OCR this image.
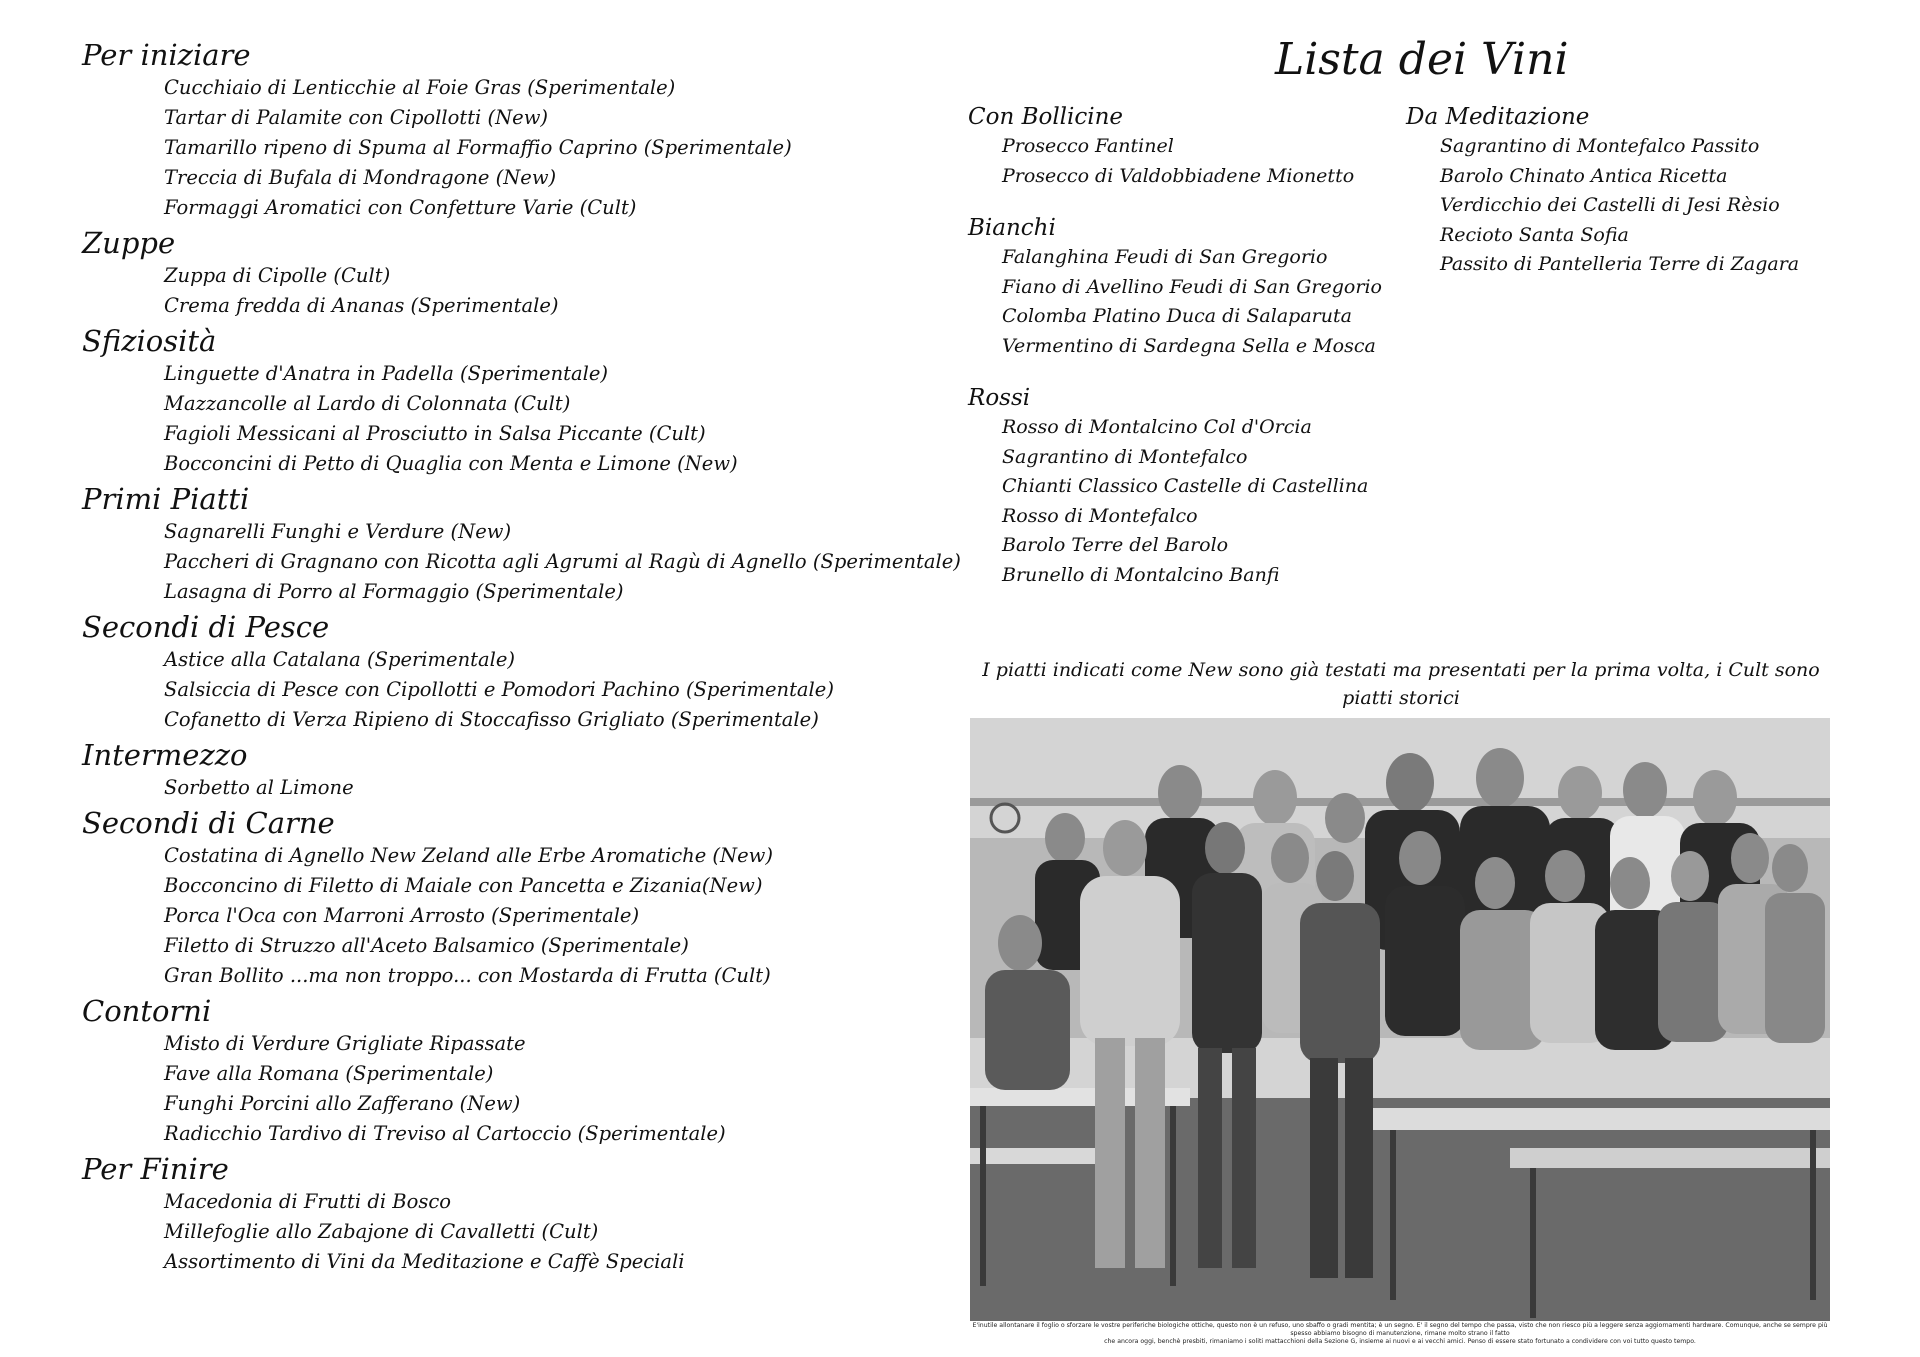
Per iniziare
Cucchiaio di Lenticchie al Foie Gras (Sperimentale)
Tartar di Palamite con Cipollotti (New)
Tamarillo ripeno di Spuma al Formaffio Caprino (Sperimentale)
Treccia di Bufala di Mondragone (New)
Formaggi Aromatici con Confetture Varie (Cult)
Zuppe
Zuppa di Cipolle (Cult)
Crema fredda di Ananas (Sperimentale)
Sfiziosità
Linguette d'Anatra in Padella (Sperimentale)
Mazzancolle al Lardo di Colonnata (Cult)
Fagioli Messicani al Prosciutto in Salsa Piccante (Cult)
Bocconcini di Petto di Quaglia con Menta e Limone (New)
Primi Piatti
Sagnarelli Funghi e Verdure (New)
Paccheri di Gragnano con Ricotta agli Agrumi al Ragù di Agnello (Sperimentale)
Lasagna di Porro al Formaggio (Sperimentale)
Secondi di Pesce
Astice alla Catalana (Sperimentale)
Salsiccia di Pesce con Cipollotti e Pomodori Pachino (Sperimentale)
Cofanetto di Verza Ripieno di Stoccafisso Grigliato (Sperimentale)
Intermezzo
Sorbetto al Limone
Secondi di Carne
Costatina di Agnello New Zeland alle Erbe Aromatiche (New)
Bocconcino di Filetto di Maiale con Pancetta e Zizania(New)
Porca l'Oca con Marroni Arrosto (Sperimentale)
Filetto di Struzzo all'Aceto Balsamico (Sperimentale)
Gran Bollito ...ma non troppo... con Mostarda di Frutta (Cult)
Contorni
Misto di Verdure Grigliate Ripassate
Fave alla Romana (Sperimentale)
Funghi Porcini allo Zafferano (New)
Radicchio Tardivo di Treviso al Cartoccio (Sperimentale)
Per Finire
Macedonia di Frutti di Bosco
Millefoglie allo Zabajone di Cavalletti (Cult)
Assortimento di Vini da Meditazione e Caffè Speciali
Lista dei Vini
Con Bollicine
Prosecco Fantinel
Prosecco di Valdobbiadene Mionetto
Bianchi
Falanghina Feudi di San Gregorio
Fiano di Avellino Feudi di San Gregorio
Colomba Platino Duca di Salaparuta
Vermentino di Sardegna Sella e Mosca
Rossi
Rosso di Montalcino Col d'Orcia
Sagrantino di Montefalco
Chianti Classico Castelle di Castellina
Rosso di Montefalco
Barolo Terre del Barolo
Brunello di Montalcino Banfi
Da Meditazione
Sagrantino di Montefalco Passito
Barolo Chinato Antica Ricetta
Verdicchio dei Castelli di Jesi Rèsio
Recioto Santa Sofia
Passito di Pantelleria Terre di Zagara
I piatti indicati come New sono già testati ma presentati per la prima volta, i Cult sono piatti storici
E'inutile allontanare il foglio o sforzare le vostre periferiche biologiche ottiche, questo non è un refuso, uno sbaffo o gradi mentita; è un segno. E' il segno del tempo che passa, visto che non riesco più a leggere senza aggiornamenti hardware. Comunque, anche se sempre più spesso abbiamo bisogno di manutenzione, rimane molto strano il fatto
che ancora oggi, benchè presbiti, rimaniamo i soliti mattacchioni della Sezione G, insieme ai nuovi e ai vecchi amici. Penso di essere stato fortunato a condividere con voi tutto questo tempo.
